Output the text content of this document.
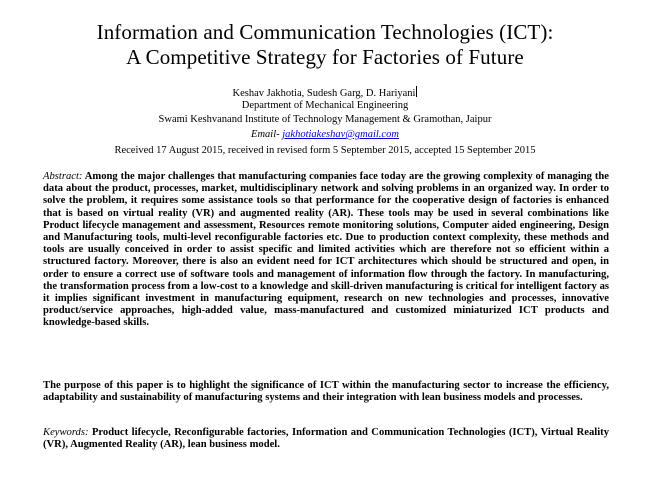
Information and Communication Technologies (ICT):
A Competitive Strategy for Factories of Future
Keshav Jakhotia, Sudesh Garg, D. Hariyani
Department of Mechanical Engineering
Swami Keshvanand Institute of Technology Management & Gramothan, Jaipur
Email- jakhotiakeshav@gmail.com
Received 17 August 2015, received in revised form 5 September 2015, accepted 15 September 2015
Abstract: Among the major challenges that manufacturing companies face today are the growing complexity of managing the data about the product, processes, market, multidisciplinary network and solving problems in an organized way. In order to solve the problem, it requires some assistance tools so that performance for the cooperative design of factories is enhanced that is based on virtual reality (VR) and augmented reality (AR). These tools may be used in several combinations like Product lifecycle management and assessment, Resources remote monitoring solutions, Computer aided engineering, Design and Manufacturing tools, multi-level reconfigurable factories etc. Due to production context complexity, these methods and tools are usually conceived in order to assist specific and limited activities which are therefore not so efficient within a structured factory. Moreover, there is also an evident need for ICT architectures which should be structured and open, in order to ensure a correct use of software tools and management of information flow through the factory. In manufacturing, the transformation process from a low-cost to a knowledge and skill-driven manufacturing is critical for intelligent factory as it implies significant investment in manufacturing equipment, research on new technologies and processes, innovative product/service approaches, high-added value, mass-manufactured and customized miniaturized ICT products and knowledge-based skills.
The purpose of this paper is to highlight the significance of ICT within the manufacturing sector to increase the efficiency, adaptability and sustainability of manufacturing systems and their integration with lean business models and processes.
Keywords: Product lifecycle, Reconfigurable factories, Information and Communication Technologies (ICT), Virtual Reality (VR), Augmented Reality (AR), lean business model.
